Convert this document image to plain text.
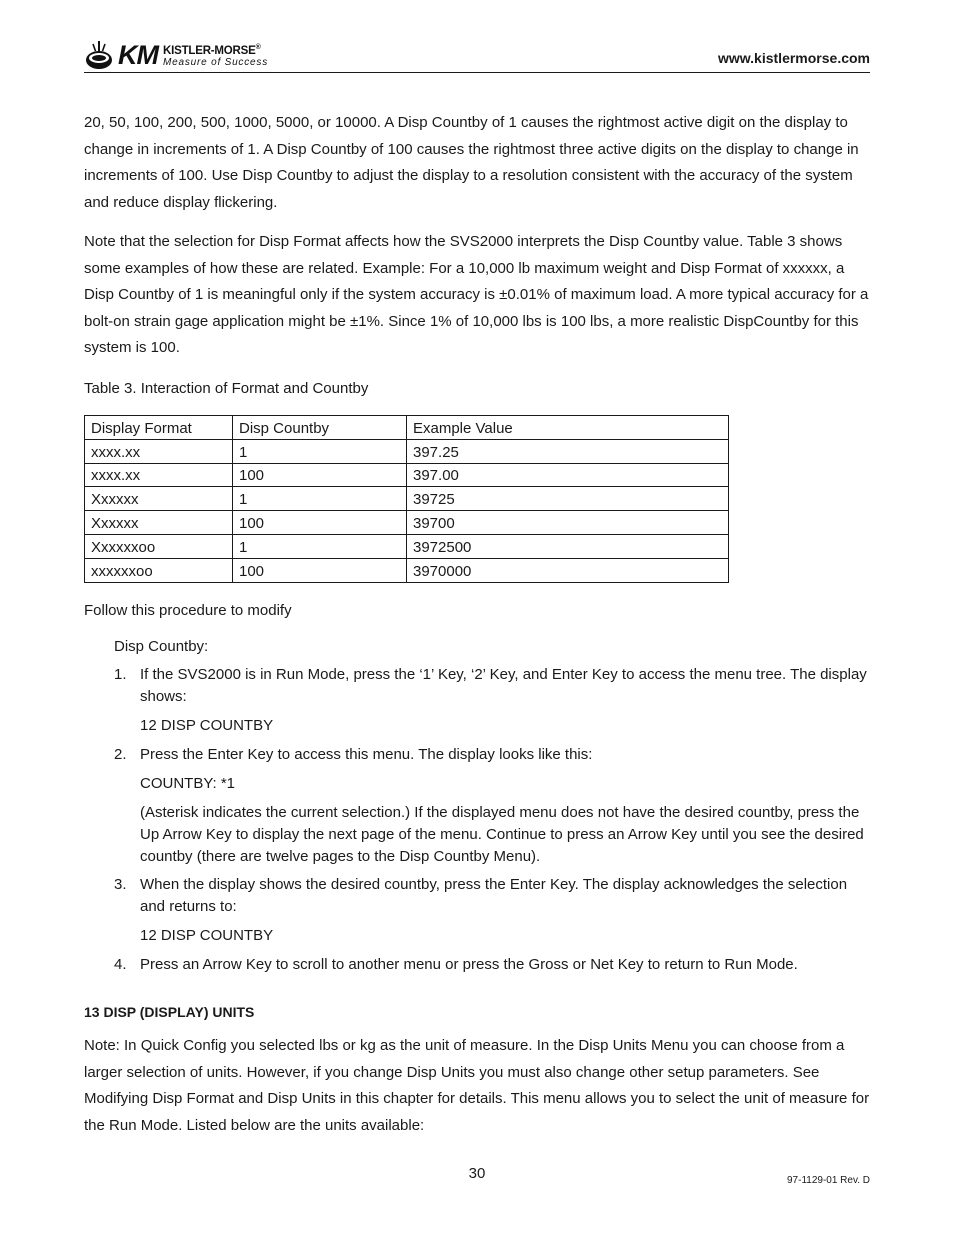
KM KISTLER-MORSE®
Measure of Success	www.kistlermorse.com

20, 50, 100, 200, 500, 1000, 5000, or 10000. A Disp Countby of 1 causes the rightmost active digit on the display to change in increments of 1. A Disp Countby of 100 causes the rightmost three active digits on the display to change in increments of 100. Use Disp Countby to adjust the display to a resolution consistent with the accuracy of the system and reduce display flickering.

Note that the selection for Disp Format affects how the SVS2000 interprets the Disp Countby value. Table 3 shows some examples of how these are related. Example: For a 10,000 lb maximum weight and Disp Format of xxxxxx, a Disp Countby of 1 is meaningful only if the system accuracy is ±0.01% of maximum load. A more typical accuracy for a bolt-on strain gage application might be ±1%. Since 1% of 10,000 lbs is 100 lbs, a more realistic DispCountby for this system is 100.

Table 3. Interaction of Format and Countby

Display Format	Disp Countby	Example Value
xxxx.xx	1	397.25
xxxx.xx	100	397.00
Xxxxxx	1	39725
Xxxxxx	100	39700
Xxxxxxoo	1	3972500
xxxxxxoo	100	3970000

Follow this procedure to modify

Disp Countby:

1. If the SVS2000 is in Run Mode, press the ‘1’ Key, ‘2’ Key, and Enter Key to access the menu tree. The display shows:

12 DISP COUNTBY

2. Press the Enter Key to access this menu. The display looks like this:

COUNTBY: *1

(Asterisk indicates the current selection.) If the displayed menu does not have the desired countby, press the Up Arrow Key to display the next page of the menu. Continue to press an Arrow Key until you see the desired countby (there are twelve pages to the Disp Countby Menu).

3. When the display shows the desired countby, press the Enter Key. The display acknowledges the selection and returns to:

12 DISP COUNTBY

4. Press an Arrow Key to scroll to another menu or press the Gross or Net Key to return to Run Mode.

13 DISP (DISPLAY) UNITS

Note: In Quick Config you selected lbs or kg as the unit of measure. In the Disp Units Menu you can choose from a larger selection of units. However, if you change Disp Units you must also change other setup parameters. See Modifying Disp Format and Disp Units in this chapter for details. This menu allows you to select the unit of measure for the Run Mode. Listed below are the units available:

30	97-1129-01 Rev. D
